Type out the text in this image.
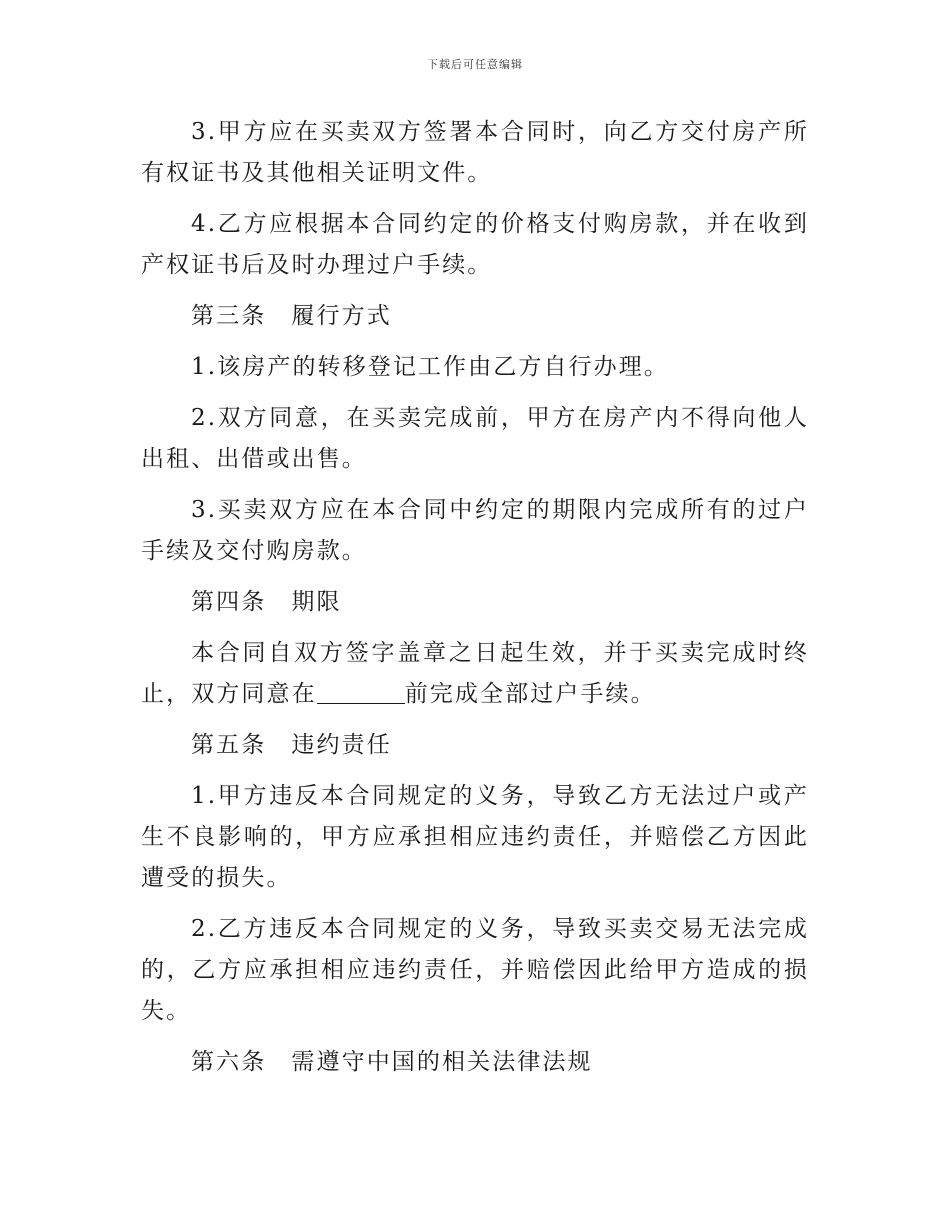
下载后可任意编辑

3.甲方应在买卖双方签署本合同时，向乙方交付房产所有权证书及其他相关证明文件。

4.乙方应根据本合同约定的价格支付购房款，并在收到产权证书后及时办理过户手续。

第三条　履行方式

1.该房产的转移登记工作由乙方自行办理。

2.双方同意，在买卖完成前，甲方在房产内不得向他人出租、出借或出售。

3.买卖双方应在本合同中约定的期限内完成所有的过户手续及交付购房款。

第四条　期限

本合同自双方签字盖章之日起生效，并于买卖完成时终止，双方同意在	前完成全部过户手续。

第五条　违约责任

1.甲方违反本合同规定的义务，导致乙方无法过户或产生不良影响的，甲方应承担相应违约责任，并赔偿乙方因此遭受的损失。

2.乙方违反本合同规定的义务，导致买卖交易无法完成的，乙方应承担相应违约责任，并赔偿因此给甲方造成的损失。

第六条　需遵守中国的相关法律法规
